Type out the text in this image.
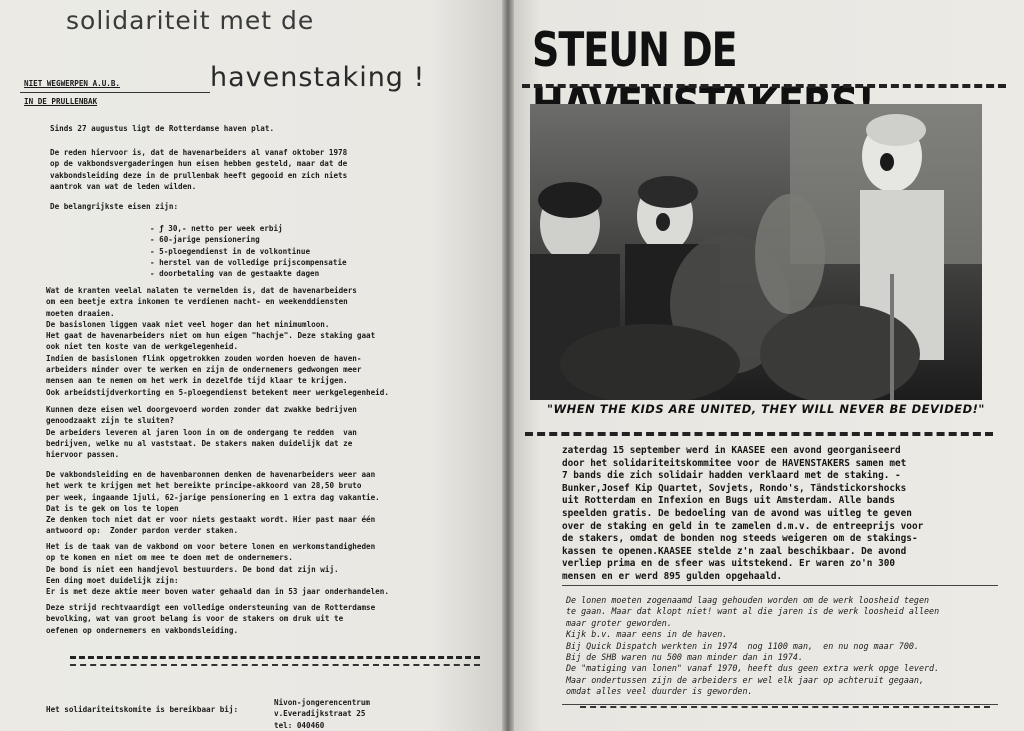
solidariteit met de
havenstaking !
NIET WEGWERPEN A.U.B.
IN DE PRULLENBAK
Sinds 27 augustus ligt de Rotterdamse haven plat.
De reden hiervoor is, dat de havenarbeiders al vanaf oktober 1978
op de vakbondsvergaderingen hun eisen hebben gesteld, maar dat de
vakbondsleiding deze in de prullenbak heeft gegooid en zich niets
aantrok van wat de leden wilden.
De belangrijkste eisen zijn:
- ƒ 30,- netto per week erbij
- 60-jarige pensionering
- 5-ploegendienst in de volkontinue
- herstel van de volledige prijscompensatie
- doorbetaling van de gestaakte dagen
Wat de kranten veelal nalaten te vermelden is, dat de havenarbeiders
om een beetje extra inkomen te verdienen nacht- en weekenddiensten
moeten draaien.
De basislonen liggen vaak niet veel hoger dan het minimumloon.
Het gaat de havenarbeiders niet om hun eigen "hachje". Deze staking gaat
ook niet ten koste van de werkgelegenheid.
Indien de basislonen flink opgetrokken zouden worden hoeven de haven-
arbeiders minder over te werken en zijn de ondernemers gedwongen meer
mensen aan te nemen om het werk in dezelfde tijd klaar te krijgen.
Ook arbeidstijdverkorting en 5-ploegendienst betekent meer werkgelegenheid.
Kunnen deze eisen wel doorgevoerd worden zonder dat zwakke bedrijven
genoodzaakt zijn te sluiten?
De arbeiders leveren al jaren loon in om de ondergang te redden  van
bedrijven, welke nu al vaststaat. De stakers maken duidelijk dat ze
hiervoor passen.
De vakbondsleiding en de havenbaronnen denken de havenarbeiders weer aan
het werk te krijgen met het bereikte principe-akkoord van 28,50 bruto
per week, ingaande 1juli, 62-jarige pensionering en 1 extra dag vakantie.
Dat is te gek om los te lopen
Ze denken toch niet dat er voor niets gestaakt wordt. Hier past maar één
antwoord op:  Zonder pardon verder staken.
Het is de taak van de vakbond om voor betere lonen en werkomstandigheden
op te komen en niet om mee te doen met de ondernemers.
De bond is niet een handjevol bestuurders. De bond dat zijn wij.
Een ding moet duidelijk zijn:
Er is met deze aktie meer boven water gehaald dan in 53 jaar onderhandelen.
Deze strijd rechtvaardigt een volledige ondersteuning van de Rotterdamse
bevolking, wat van groot belang is voor de stakers om druk uit te
oefenen op ondernemers en vakbondsleiding.
Het solidariteitskomite is bereikbaar bij:
Nivon-jongerencentrum
v.Everadijkstraat 25
tel: 040460
STEUN DE
"WHEN THE KIDS ARE UNITED, THEY WILL NEVER BE DEVIDED!"
zaterdag 15 september werd in KAASEE een avond georganiseerd
door het solidariteitskommitee voor de HAVENSTAKERS samen met
7 bands die zich solidair hadden verklaard met de staking. -
Bunker,Josef Kip Quartet, Sovjets, Rondo's, Tändstickorshocks
uit Rotterdam en Infexion en Bugs uit Amsterdam. Alle bands
speelden gratis. De bedoeling van de avond was uitleg te geven
over de staking en geld in te zamelen d.m.v. de entreeprijs voor
de stakers, omdat de bonden nog steeds weigeren om de stakings-
kassen te openen.KAASEE stelde z'n zaal beschikbaar. De avond
verliep prima en de sfeer was uitstekend. Er waren zo'n 300
mensen en er werd 895 gulden opgehaald.
De lonen moeten zogenaamd laag gehouden worden om de werk loosheid tegen
te gaan. Maar dat klopt niet! want al die jaren is de werk loosheid alleen
maar groter geworden.
Kijk b.v. maar eens in de haven.
Bij Quick Dispatch werkten in 1974  nog 1100 man,  en nu nog maar 700.
Bij de SHB waren nu 500 man minder dan in 1974.
De "matiging van lonen" vanaf 1970, heeft dus geen extra werk opge leverd.
Maar ondertussen zijn de arbeiders er wel elk jaar op achteruit gegaan,
omdat alles veel duurder is geworden.
